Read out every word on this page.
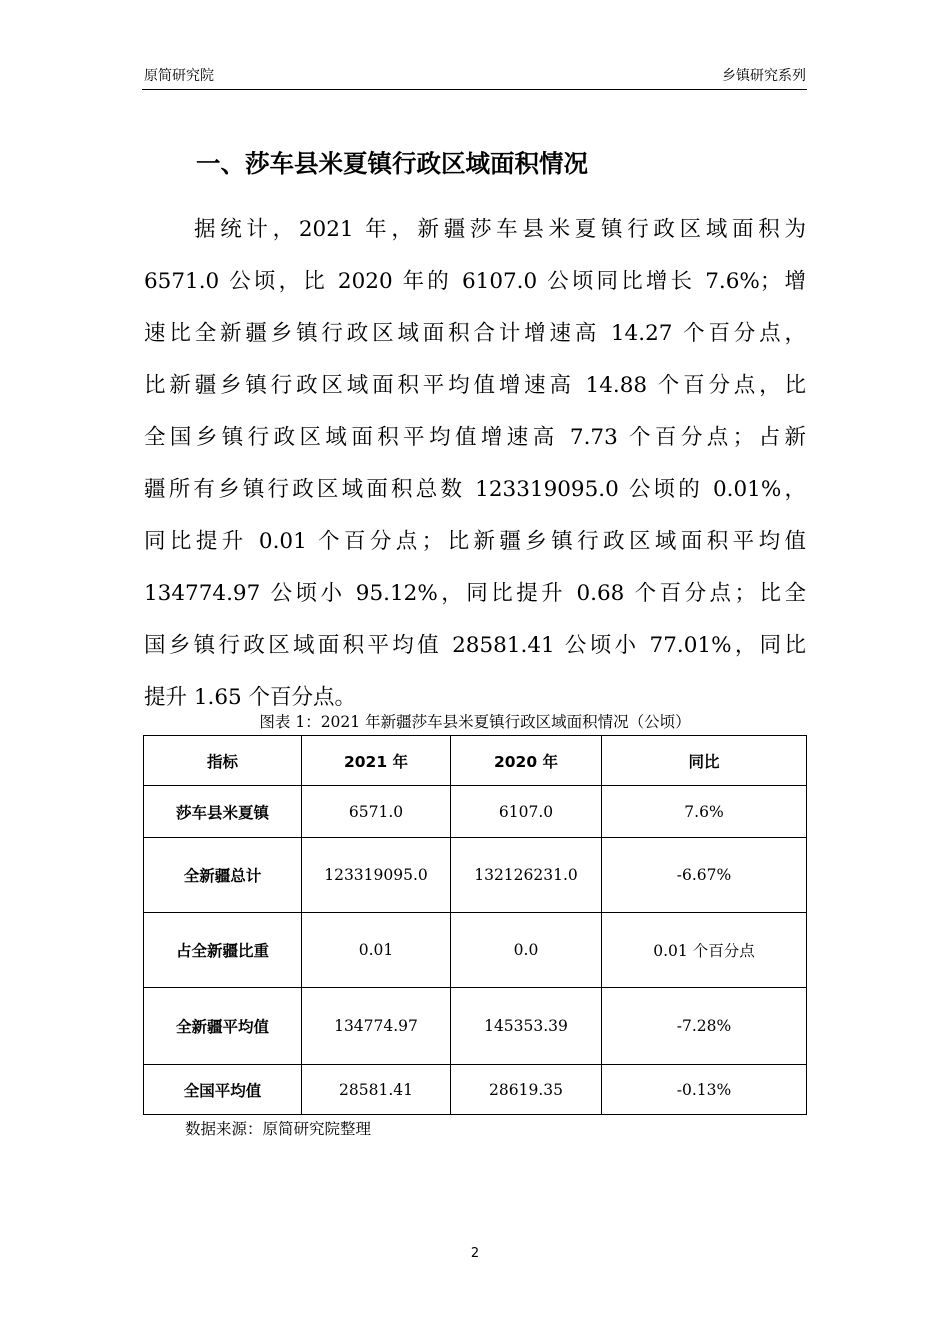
原简研究院	乡镇研究系列
一、莎车县米夏镇行政区域面积情况
据统计，2021 年，新疆莎车县米夏镇行政区域面积为
6571.0 公顷，比 2020 年的 6107.0 公顷同比增长 7.6%；增
速比全新疆乡镇行政区域面积合计增速高 14.27 个百分点，
比新疆乡镇行政区域面积平均值增速高 14.88 个百分点，比
全国乡镇行政区域面积平均值增速高 7.73 个百分点；占新
疆所有乡镇行政区域面积总数 123319095.0 公顷的 0.01%，
同比提升 0.01 个百分点；比新疆乡镇行政区域面积平均值
134774.97 公顷小 95.12%，同比提升 0.68 个百分点；比全
国乡镇行政区域面积平均值 28581.41 公顷小 77.01%，同比
提升 1.65 个百分点。
图表 1：2021 年新疆莎车县米夏镇行政区域面积情况（公顷）
指标	2021 年	2020 年	同比
莎车县米夏镇	6571.0	6107.0	7.6%
全新疆总计	123319095.0	132126231.0	-6.67%
占全新疆比重	0.01	0.0	0.01 个百分点
全新疆平均值	134774.97	145353.39	-7.28%
全国平均值	28581.41	28619.35	-0.13%
数据来源：原简研究院整理
2
